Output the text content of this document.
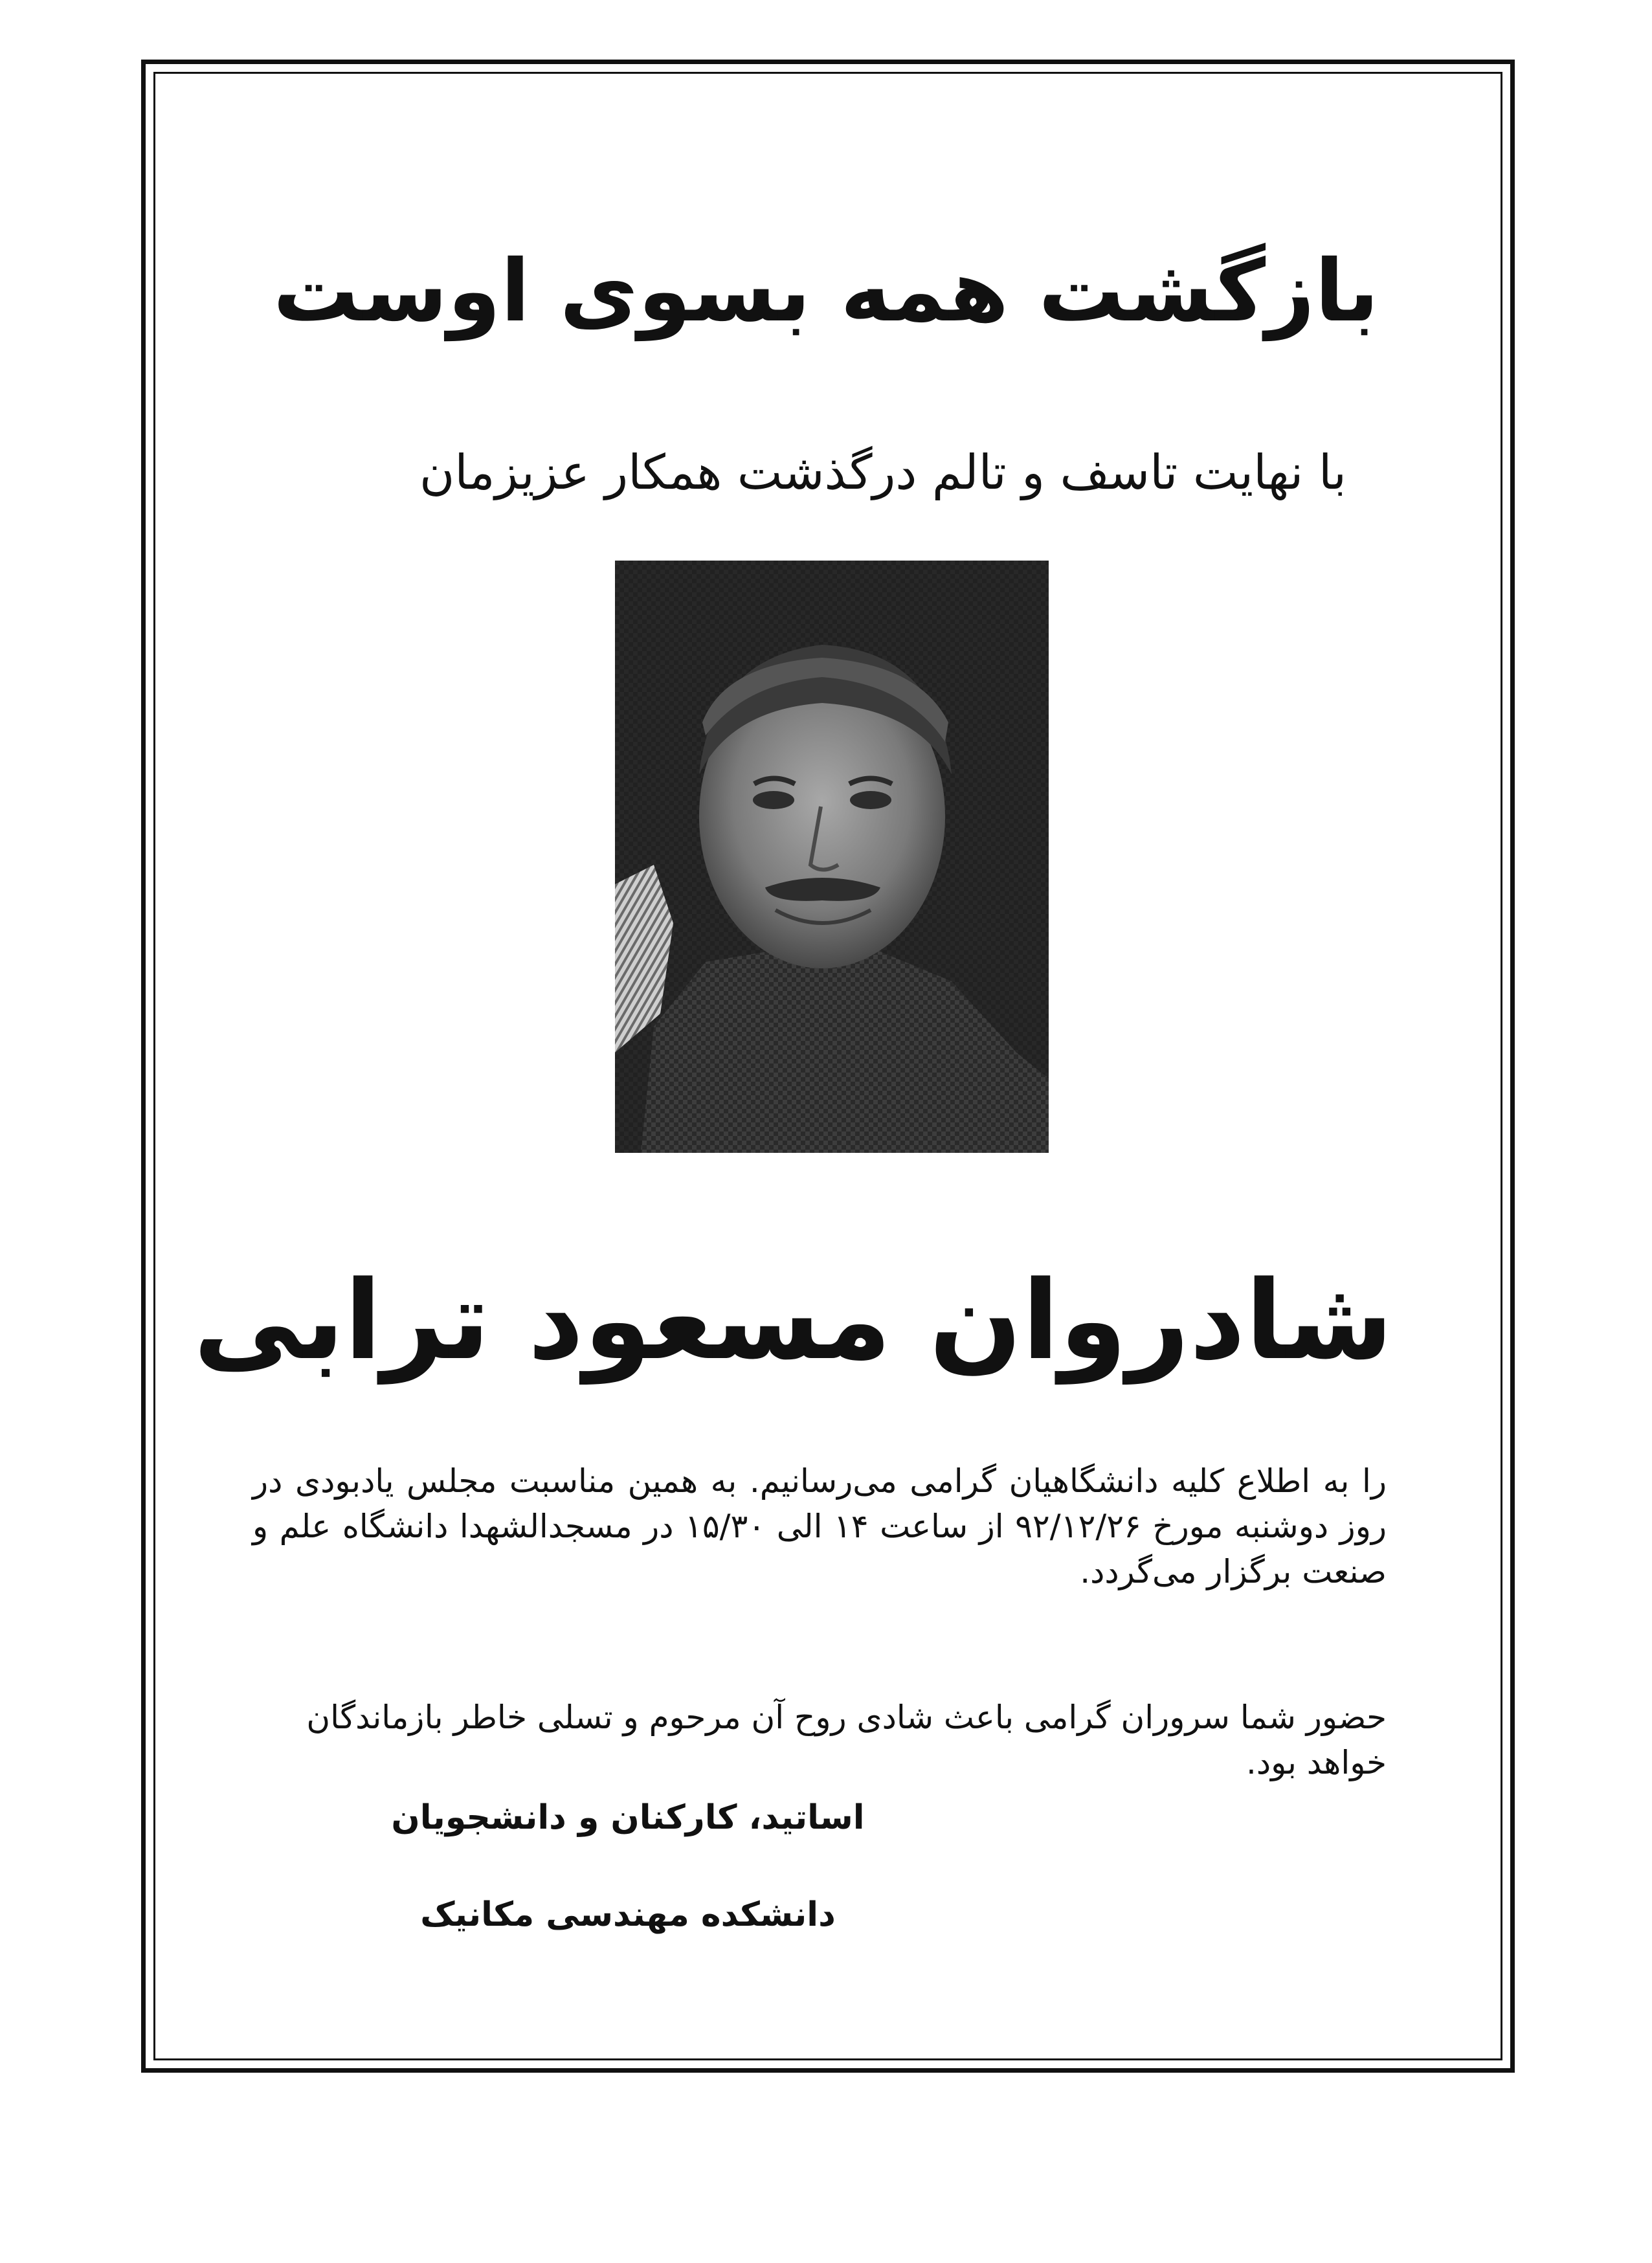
بازگشت همه بسوی اوست

با نهایت تاسف و تالم درگذشت همکار عزیزمان

شادروان مسعود ترابی

را به اطلاع کلیه دانشگاهیان گرامی می‌رسانیم. به همین مناسبت مجلس یادبودی در روز دوشنبه مورخ ۹۲/۱۲/۲۶ از ساعت ۱۴ الی ۱۵/۳۰ در مسجدالشهدا دانشگاه علم و صنعت برگزار می‌گردد.

حضور شما سروران گرامی باعث شادی روح آن مرحوم و تسلی خاطر بازماندگان خواهد بود.

اساتید، کارکنان و دانشجویان

دانشکده مهندسی مکانیک
